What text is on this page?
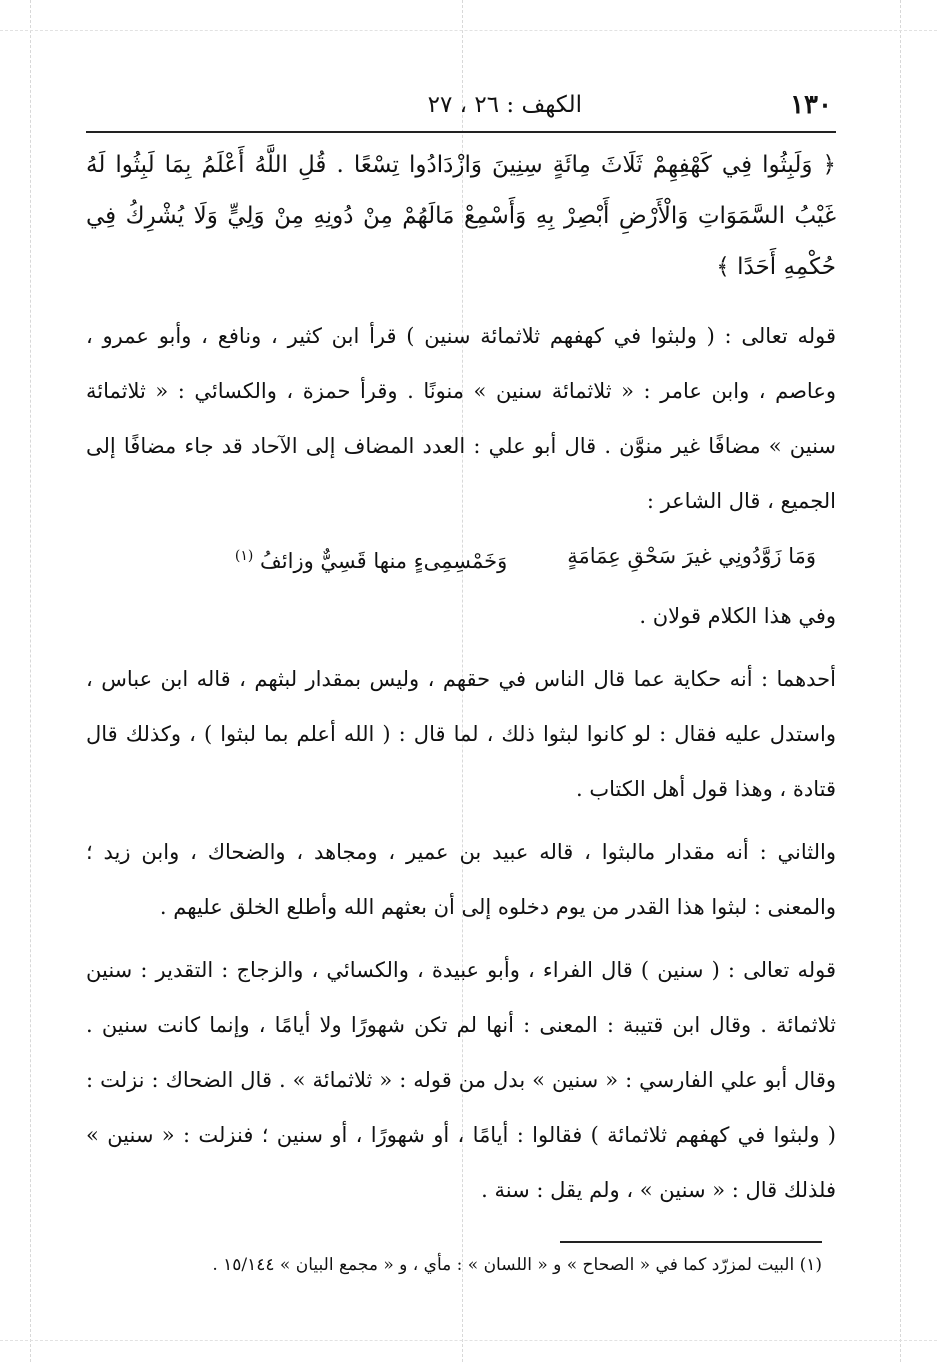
١٣٠
الكهف : ٢٦ ، ٢٧

﴿ وَلَبِثُوا فِي كَهْفِهِمْ ثَلَاثَ مِائَةٍ سِنِينَ وَازْدَادُوا تِسْعًا . قُلِ اللَّهُ أَعْلَمُ بِمَا لَبِثُوا لَهُ غَيْبُ السَّمَوَاتِ وَالْأَرْضِ أَبْصِرْ بِهِ وَأَسْمِعْ مَالَهُمْ مِنْ دُونِهِ مِنْ وَلِيٍّ وَلَا يُشْرِكُ فِي حُكْمِهِ أَحَدًا ﴾

قوله تعالى : ( ولبثوا في كهفهم ثلاثمائة سنين ) قرأ ابن كثير ، ونافع ، وأبو عمرو ، وعاصم ، وابن عامر : « ثلاثمائة سنين » منونًا . وقرأ حمزة ، والكسائي : « ثلاثمائة سنين » مضافًا غير منوَّن . قال أبو علي : العدد المضاف إلى الآحاد قد جاء مضافًا إلى الجميع ، قال الشاعر :

وَمَا زَوَّدُونِي غيرَ سَحْقِ عِمَامَةٍ
وَخَمْسِمِىءٍ منها قَسِيٌّ وزائفُ $^{(١)}$

وفي هذا الكلام قولان .

أحدهما : أنه حكاية عما قال الناس في حقهم ، وليس بمقدار لبثهم ، قاله ابن عباس ، واستدل عليه فقال : لو كانوا لبثوا ذلك ، لما قال : ( الله أعلم بما لبثوا ) ، وكذلك قال قتادة ، وهذا قول أهل الكتاب .

والثاني : أنه مقدار مالبثوا ، قاله عبيد بن عمير ، ومجاهد ، والضحاك ، وابن زيد ؛ والمعنى : لبثوا هذا القدر من يوم دخلوه إلى أن بعثهم الله وأطلع الخلق عليهم .

قوله تعالى : ( سنين ) قال الفراء ، وأبو عبيدة ، والكسائي ، والزجاج : التقدير : سنين ثلاثمائة . وقال ابن قتيبة : المعنى : أنها لم تكن شهورًا ولا أيامًا ، وإنما كانت سنين . وقال أبو علي الفارسي : « سنين » بدل من قوله : « ثلاثمائة » . قال الضحاك : نزلت : ( ولبثوا في كهفهم ثلاثمائة ) فقالوا : أيامًا ، أو شهورًا ، أو سنين ؛ فنزلت : « سنين » فلذلك قال : « سنين » ، ولم يقل : سنة .

(١) البيت لمزرّد كما في « الصحاح » و « اللسان » : مأي ، و « مجمع البيان » ١٥/١٤٤ .
